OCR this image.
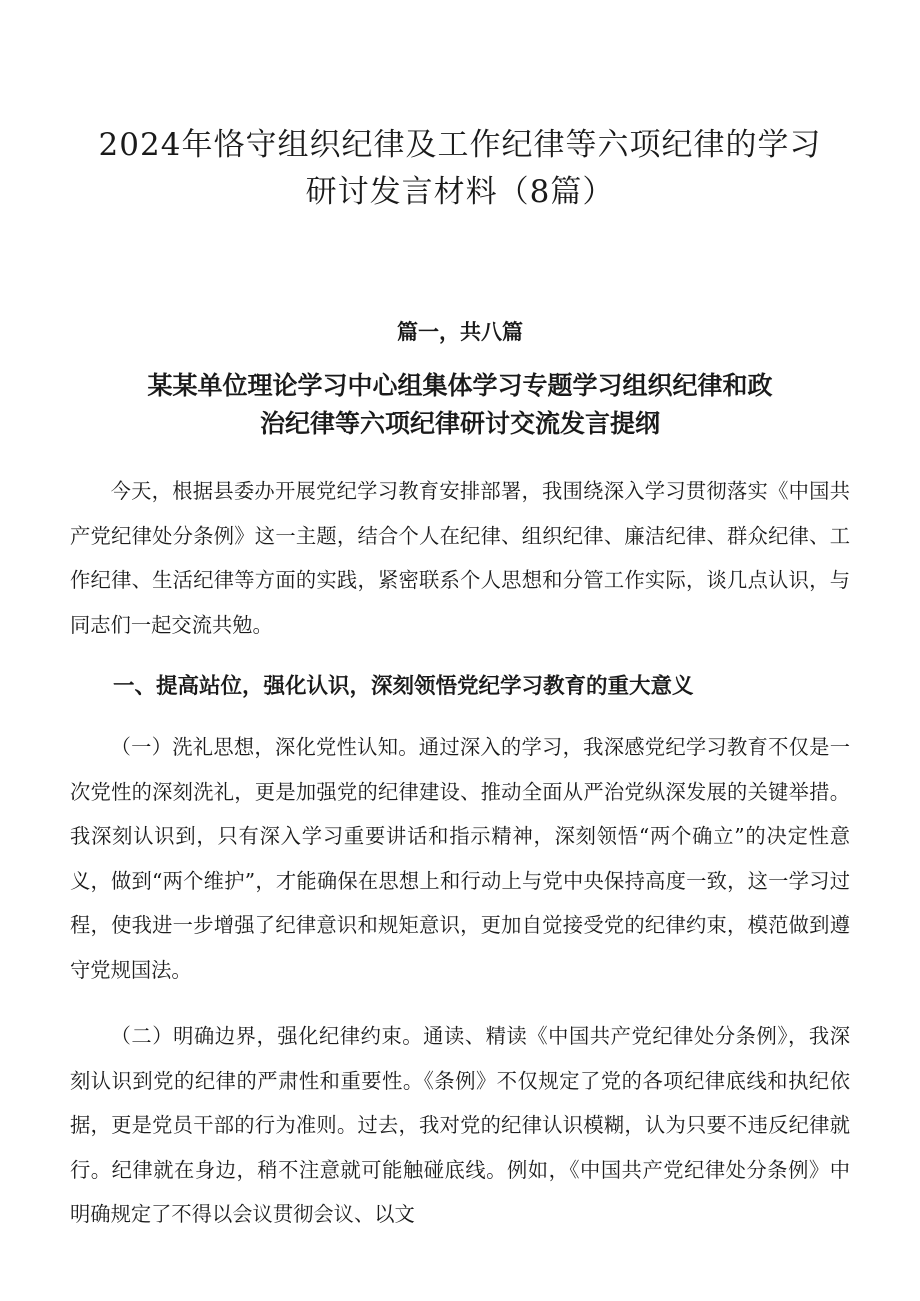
2024年恪守组织纪律及工作纪律等六项纪律的学习
研讨发言材料（8篇）
篇一，共八篇
某某单位理论学习中心组集体学习专题学习组织纪律和政
治纪律等六项纪律研讨交流发言提纲

今天，根据县委办开展党纪学习教育安排部署，我围绕深入学习贯彻落实《中国共产党纪律处分条例》这一主题，结合个人在纪律、组织纪律、廉洁纪律、群众纪律、工作纪律、生活纪律等方面的实践，紧密联系个人思想和分管工作实际，谈几点认识，与同志们一起交流共勉。

一、提高站位，强化认识，深刻领悟党纪学习教育的重大意义

（一）洗礼思想，深化党性认知。通过深入的学习，我深感党纪学习教育不仅是一次党性的深刻洗礼，更是加强党的纪律建设、推动全面从严治党纵深发展的关键举措。我深刻认识到，只有深入学习重要讲话和指示精神，深刻领悟“两个确立”的决定性意义，做到“两个维护”，才能确保在思想上和行动上与党中央保持高度一致，这一学习过程，使我进一步增强了纪律意识和规矩意识，更加自觉接受党的纪律约束，模范做到遵守党规国法。

（二）明确边界，强化纪律约束。通读、精读《中国共产党纪律处分条例》，我深刻认识到党的纪律的严肃性和重要性。《条例》不仅规定了党的各项纪律底线和执纪依据，更是党员干部的行为准则。过去，我对党的纪律认识模糊，认为只要不违反纪律就行。纪律就在身边，稍不注意就可能触碰底线。例如，《中国共产党纪律处分条例》中明确规定了不得以会议贯彻会议、以文
